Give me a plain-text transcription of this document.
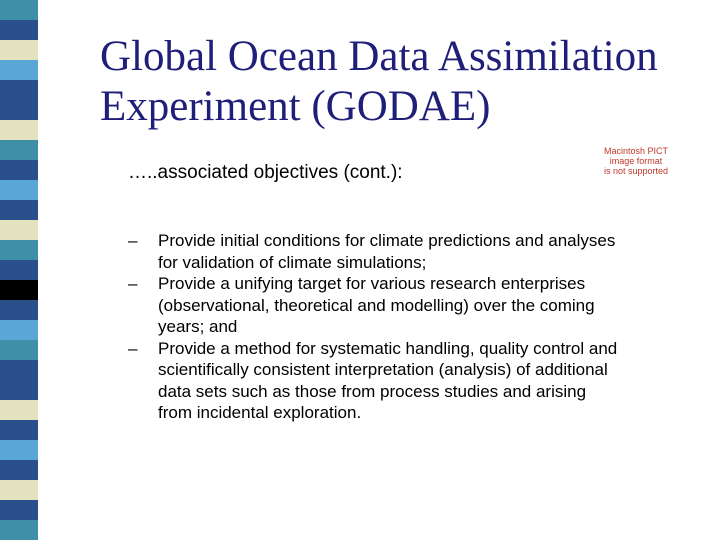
Global Ocean Data Assimilation
Experiment (GODAE)
…..associated objectives (cont.):
Macintosh PICT
image format
is not supported
– Provide initial conditions for climate predictions and analyses
for validation of climate simulations;
– Provide a unifying target for various research enterprises
(observational, theoretical and modelling) over the coming
years; and
– Provide a method for systematic handling, quality control and
scientifically consistent interpretation (analysis) of additional
data sets such as those from process studies and arising
from incidental exploration.
